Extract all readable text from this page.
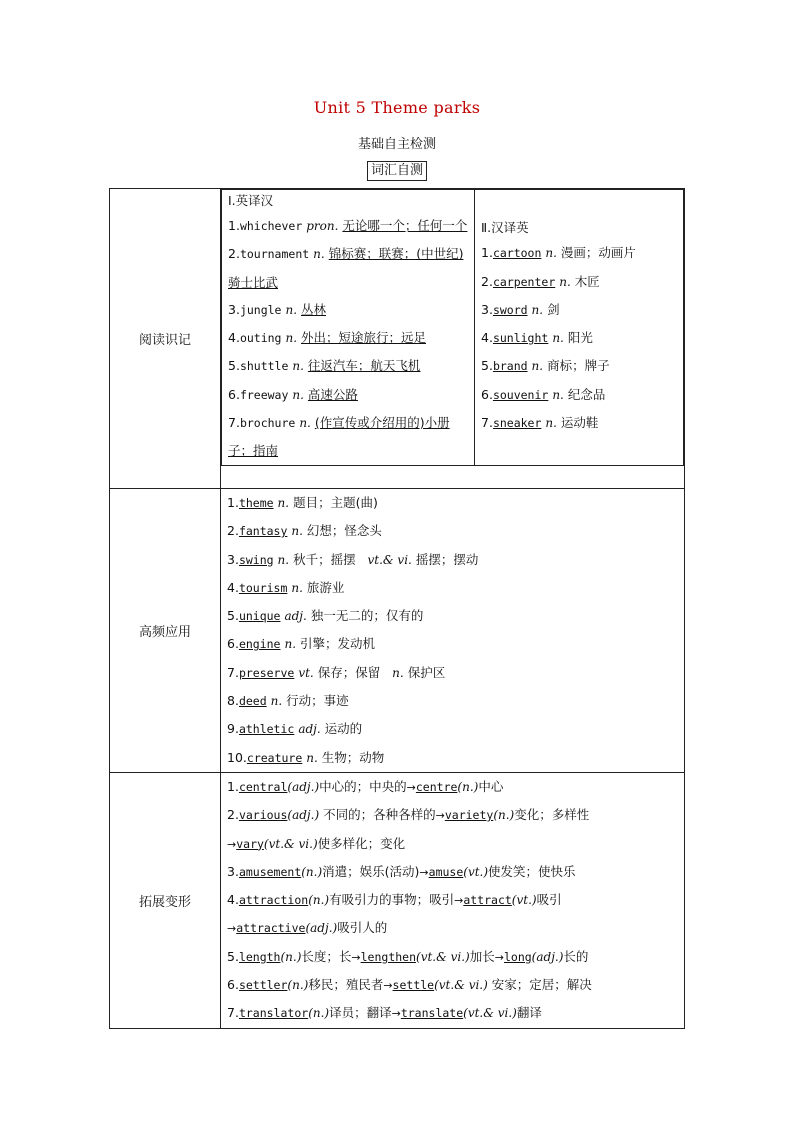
Unit 5 Theme parks
基础自主检测
词汇自测
阅读识记	
Ⅰ.英译汉
1.whichever pron. 无论哪一个；任何一个
2.tournament n. 锦标赛；联赛；(中世纪)骑士比武
3.jungle n. 丛林
4.outing n. 外出；短途旅行；远足
5.shuttle n. 往返汽车；航天飞机
6.freeway n. 高速公路
7.brochure n. (作宣传或介绍用的)小册子；指南

Ⅱ.汉译英
1.cartoon n. 漫画；动画片
2.carpenter n. 木匠
3.sword n. 剑
4.sunlight n. 阳光
5.brand n. 商标；牌子
6.souvenir n. 纪念品
7.sneaker n. 运动鞋

高频应用	
1.theme n. 题目；主题(曲)
2.fantasy n. 幻想；怪念头
3.swing n. 秋千；摇摆 vt.& vi. 摇摆；摆动
4.tourism n. 旅游业
5.unique adj. 独一无二的；仅有的
6.engine n. 引擎；发动机
7.preserve vt. 保存；保留 n. 保护区
8.deed n. 行动；事迹
9.athletic adj. 运动的
10.creature n. 生物；动物

拓展变形	
1.central(adj.)中心的；中央的→centre(n.)中心
2.various(adj.) 不同的；各种各样的→variety(n.)变化；多样性
→vary(vt.& vi.)使多样化；变化
3.amusement(n.)消遣；娱乐(活动)→amuse(vt.)使发笑；使快乐
4.attraction(n.)有吸引力的事物；吸引→attract(vt.)吸引
→attractive(adj.)吸引人的
5.length(n.)长度；长→lengthen(vt.& vi.)加长→long(adj.)长的
6.settler(n.)移民；殖民者→settle(vt.& vi.) 安家；定居；解决
7.translator(n.)译员；翻译→translate(vt.& vi.)翻译
